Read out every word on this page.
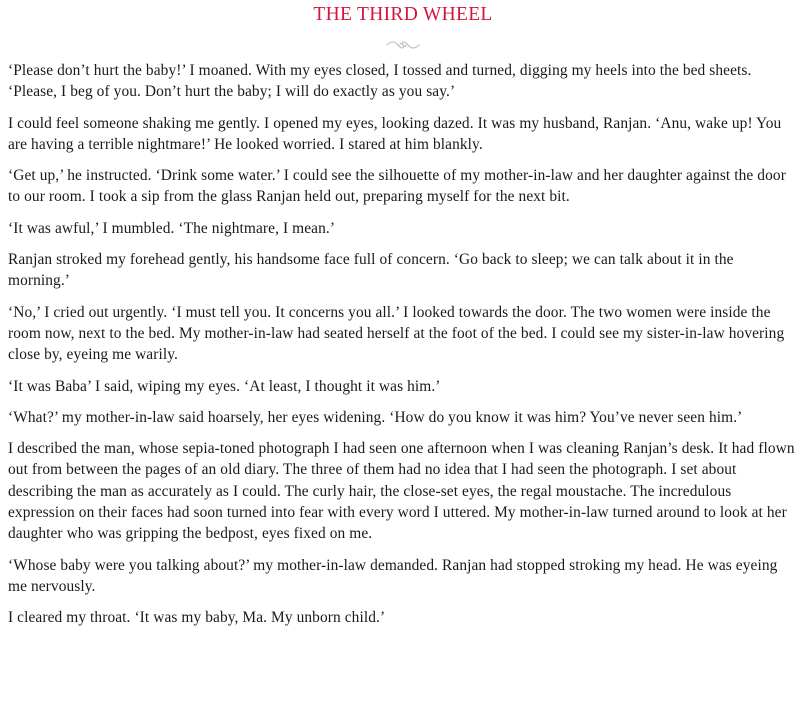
THE THIRD WHEEL

‘Please don’t hurt the baby!’ I moaned. With my eyes closed, I tossed and turned, digging my heels into the bed sheets. ‘Please, I beg of you. Don’t hurt the baby; I will do exactly as you say.’

I could feel someone shaking me gently. I opened my eyes, looking dazed. It was my husband, Ranjan. ‘Anu, wake up! You are having a terrible nightmare!’ He looked worried. I stared at him blankly.

‘Get up,’ he instructed. ‘Drink some water.’ I could see the silhouette of my mother-in-law and her daughter against the door to our room. I took a sip from the glass Ranjan held out, preparing myself for the next bit.

‘It was awful,’ I mumbled. ‘The nightmare, I mean.’

Ranjan stroked my forehead gently, his handsome face full of concern. ‘Go back to sleep; we can talk about it in the morning.’

‘No,’ I cried out urgently. ‘I must tell you. It concerns you all.’ I looked towards the door. The two women were inside the room now, next to the bed. My mother-in-law had seated herself at the foot of the bed. I could see my sister-in-law hovering close by, eyeing me warily.

‘It was Baba’ I said, wiping my eyes. ‘At least, I thought it was him.’

‘What?’ my mother-in-law said hoarsely, her eyes widening. ‘How do you know it was him? You’ve never seen him.’

I described the man, whose sepia-toned photograph I had seen one afternoon when I was cleaning Ranjan’s desk. It had flown out from between the pages of an old diary. The three of them had no idea that I had seen the photograph. I set about describing the man as accurately as I could. The curly hair, the close-set eyes, the regal moustache. The incredulous expression on their faces had soon turned into fear with every word I uttered. My mother-in-law turned around to look at her daughter who was gripping the bedpost, eyes fixed on me.

‘Whose baby were you talking about?’ my mother-in-law demanded. Ranjan had stopped stroking my head. He was eyeing me nervously.

I cleared my throat. ‘It was my baby, Ma. My unborn child.’
